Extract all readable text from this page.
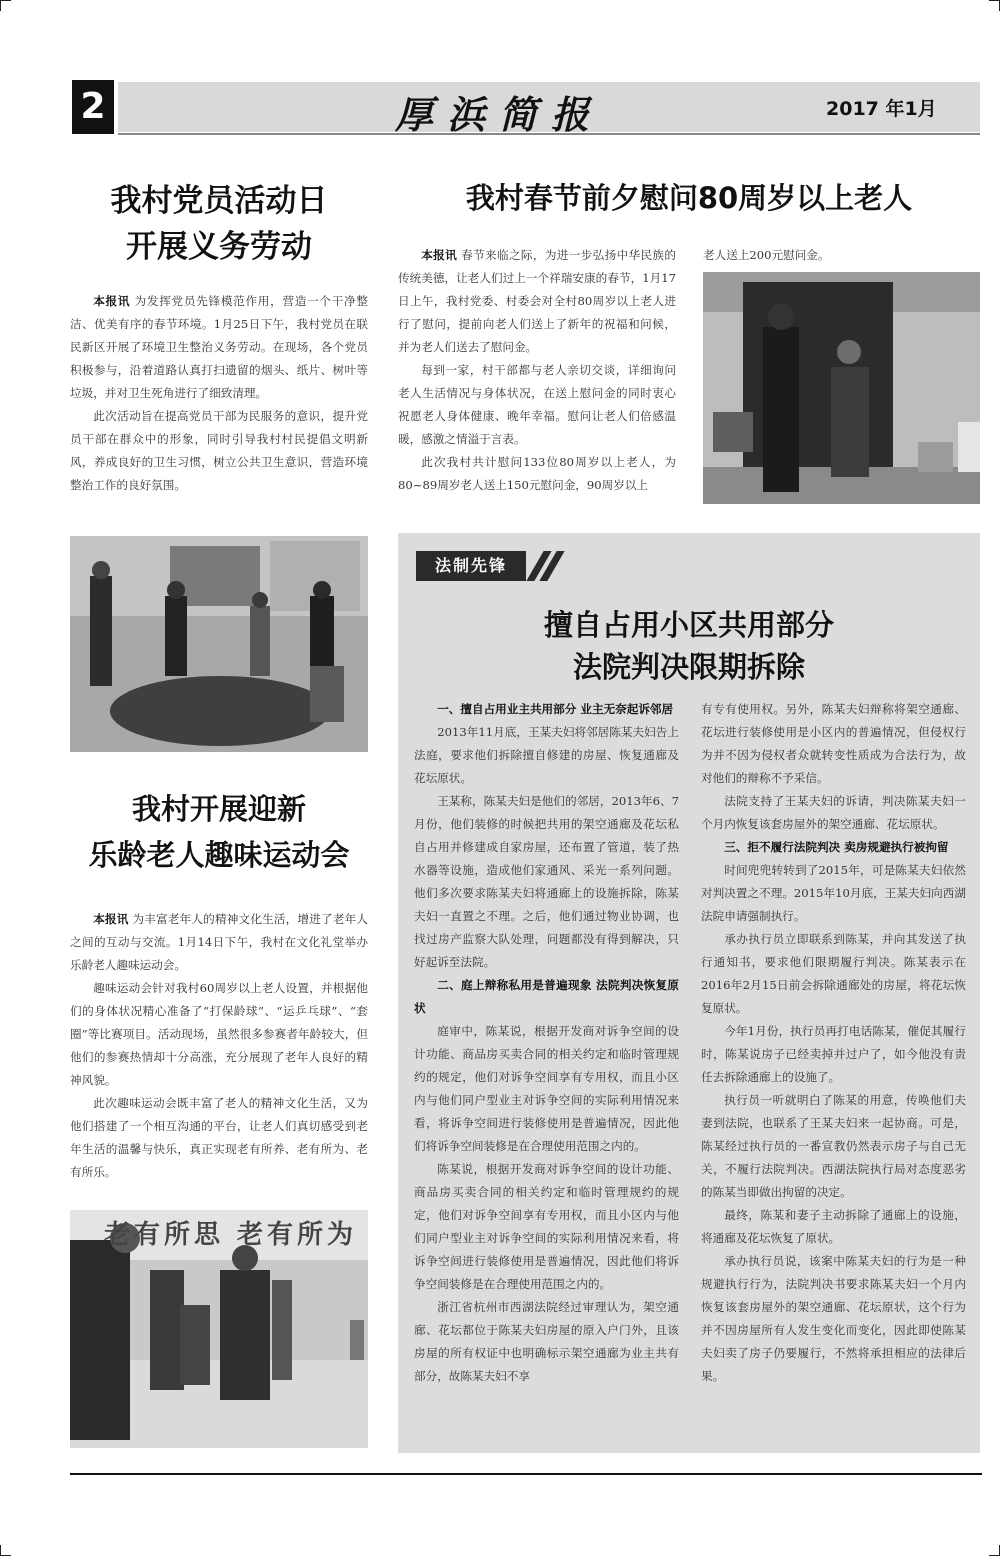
2	厚浜简报	2017 年1月
我村党员活动日
开展义务劳动

本报讯 为发挥党员先锋模范作用，营造一个干净整洁、优美有序的春节环境。1月25日下午，我村党员在联民新区开展了环境卫生整治义务劳动。在现场，各个党员积极参与，沿着道路认真打扫遗留的烟头、纸片、树叶等垃圾，并对卫生死角进行了细致清理。

此次活动旨在提高党员干部为民服务的意识，提升党员干部在群众中的形象，同时引导我村村民提倡文明新风，养成良好的卫生习惯，树立公共卫生意识，营造环境整治工作的良好氛围。

我村春节前夕慰问80周岁以上老人

本报讯 春节来临之际，为进一步弘扬中华民族的传统美德，让老人们过上一个祥瑞安康的春节，1月17日上午，我村党委、村委会对全村80周岁以上老人进行了慰问，提前向老人们送上了新年的祝福和问候，并为老人们送去了慰问金。

每到一家，村干部都与老人亲切交谈，详细询问老人生活情况与身体状况，在送上慰问金的同时衷心祝愿老人身体健康、晚年幸福。慰问让老人们倍感温暖，感激之情溢于言表。

此次我村共计慰问133位80周岁以上老人，为80~89周岁老人送上150元慰问金，90周岁以上

老人送上200元慰问金。

我村开展迎新
乐龄老人趣味运动会

本报讯 为丰富老年人的精神文化生活，增进了老年人之间的互动与交流。1月14日下午，我村在文化礼堂举办乐龄老人趣味运动会。

趣味运动会针对我村60周岁以上老人设置，并根据他们的身体状况精心准备了“打保龄球”、“运乒乓球”、“套圈”等比赛项目。活动现场，虽然很多参赛者年龄较大，但他们的参赛热情却十分高涨，充分展现了老年人良好的精神风貌。

此次趣味运动会既丰富了老人的精神文化生活，又为他们搭建了一个相互沟通的平台，让老人们真切感受到老年生活的温馨与快乐，真正实现老有所养、老有所为、老有所乐。

老有所思 老有所为
法制先锋
擅自占用小区共用部分
法院判决限期拆除

一、擅自占用业主共用部分 业主无奈起诉邻居

2013年11月底，王某夫妇将邻居陈某夫妇告上法庭，要求他们拆除擅自修建的房屋、恢复通廊及花坛原状。

王某称，陈某夫妇是他们的邻居，2013年6、7月份，他们装修的时候把共用的架空通廊及花坛私自占用并修建成自家房屋，还布置了管道，装了热水器等设施，造成他们家通风、采光一系列问题。他们多次要求陈某夫妇将通廊上的设施拆除，陈某夫妇一直置之不理。之后，他们通过物业协调，也找过房产监察大队处理，问题都没有得到解决，只好起诉至法院。

二、庭上辩称私用是普遍现象 法院判决恢复原状

庭审中，陈某说，根据开发商对诉争空间的设计功能、商品房买卖合同的相关约定和临时管理规约的规定，他们对诉争空间享有专用权，而且小区内与他们同户型业主对诉争空间的实际利用情况来看，将诉争空间进行装修使用是普遍情况，因此他们将诉争空间装修是在合理使用范围之内的。

陈某说，根据开发商对诉争空间的设计功能、商品房买卖合同的相关约定和临时管理规约的规定，他们对诉争空间享有专用权，而且小区内与他们同户型业主对诉争空间的实际利用情况来看，将诉争空间进行装修使用是普遍情况，因此他们将诉争空间装修是在合理使用范围之内的。

浙江省杭州市西湖法院经过审理认为，架空通廊、花坛都位于陈某夫妇房屋的原入户门外，且该房屋的所有权证中也明确标示架空通廊为业主共有部分，故陈某夫妇不享

有专有使用权。另外，陈某夫妇辩称将架空通廊、花坛进行装修使用是小区内的普遍情况，但侵权行为并不因为侵权者众就转变性质成为合法行为，故对他们的辩称不予采信。

法院支持了王某夫妇的诉请，判决陈某夫妇一个月内恢复该套房屋外的架空通廊、花坛原状。

三、拒不履行法院判决 卖房规避执行被拘留

时间兜兜转转到了2015年，可是陈某夫妇依然对判决置之不理。2015年10月底，王某夫妇向西湖法院申请强制执行。

承办执行员立即联系到陈某，并向其发送了执行通知书，要求他们限期履行判决。陈某表示在2016年2月15日前会拆除通廊处的房屋，将花坛恢复原状。

今年1月份，执行员再打电话陈某，催促其履行时，陈某说房子已经卖掉并过户了，如今他没有责任去拆除通廊上的设施了。

执行员一听就明白了陈某的用意，传唤他们夫妻到法院，也联系了王某夫妇来一起协商。可是，陈某经过执行员的一番宣教仍然表示房子与自己无关，不履行法院判决。西湖法院执行局对态度恶劣的陈某当即做出拘留的决定。

最终，陈某和妻子主动拆除了通廊上的设施，将通廊及花坛恢复了原状。

承办执行员说，该案中陈某夫妇的行为是一种规避执行行为，法院判决书要求陈某夫妇一个月内恢复该套房屋外的架空通廊、花坛原状，这个行为并不因房屋所有人发生变化而变化，因此即使陈某夫妇卖了房子仍要履行，不然将承担相应的法律后果。
